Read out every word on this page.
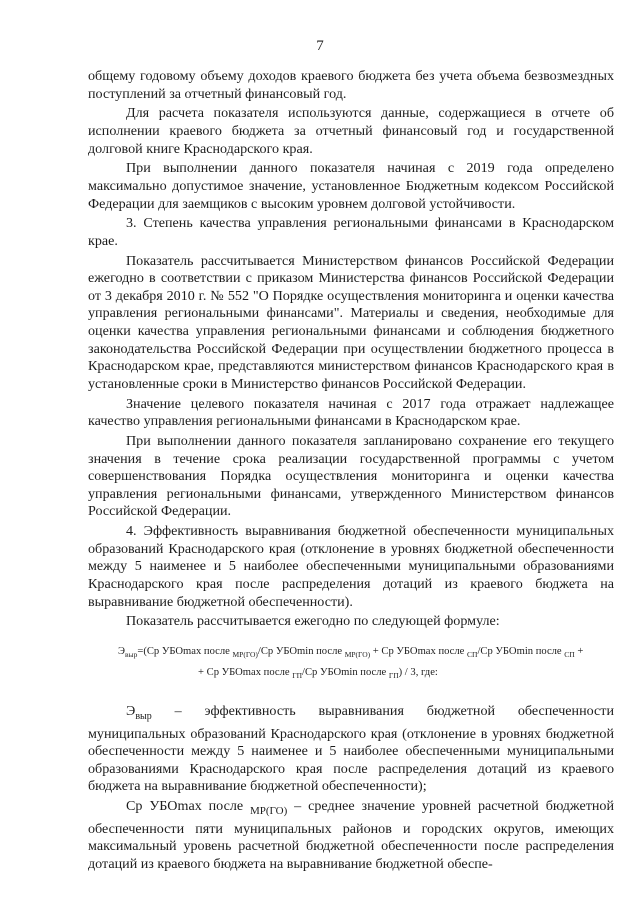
7

общему годовому объему доходов краевого бюджета без учета объема безвозмездных поступлений за отчетный финансовый год.

Для расчета показателя используются данные, содержащиеся в отчете об исполнении краевого бюджета за отчетный финансовый год и государственной долговой книге Краснодарского края.

При выполнении данного показателя начиная с 2019 года определено максимально допустимое значение, установленное Бюджетным кодексом Российской Федерации для заемщиков с высоким уровнем долговой устойчивости.

3. Степень качества управления региональными финансами в Краснодарском крае.

Показатель рассчитывается Министерством финансов Российской Федерации ежегодно в соответствии с приказом Министерства финансов Российской Федерации от 3 декабря 2010 г. № 552 "О Порядке осуществления мониторинга и оценки качества управления региональными финансами". Материалы и сведения, необходимые для оценки качества управления региональными финансами и соблюдения бюджетного законодательства Российской Федерации при осуществлении бюджетного процесса в Краснодарском крае, представляются министерством финансов Краснодарского края в установленные сроки в Министерство финансов Российской Федерации.

Значение целевого показателя начиная с 2017 года отражает надлежащее качество управления региональными финансами в Краснодарском крае.

При выполнении данного показателя запланировано сохранение его текущего значения в течение срока реализации государственной программы с учетом совершенствования Порядка осуществления мониторинга и оценки качества управления региональными финансами, утвержденного Министерством финансов Российской Федерации.

4. Эффективность выравнивания бюджетной обеспеченности муниципальных образований Краснодарского края (отклонение в уровнях бюджетной обеспеченности между 5 наименее и 5 наиболее обеспеченными муниципальными образованиями Краснодарского края после распределения дотаций из краевого бюджета на выравнивание бюджетной обеспеченности).

Показатель рассчитывается ежегодно по следующей формуле:

$Э_{выр}=(Ср$ УБОmax после $_{МР(ГО)}$/Ср УБОmin после $_{МР(ГО)}$ + Ср УБОmax после $_{СП}$/Ср УБОmin после $_{СП}$ +
+ Ср УБОmax после $_{ГП}$/Ср УБОmin после $_{ГП}$) / 3, где:

$Э_{выр}$ – эффективность выравнивания бюджетной обеспеченности муниципальных образований Краснодарского края (отклонение в уровнях бюджетной обеспеченности между 5 наименее и 5 наиболее обеспеченными муниципальными образованиями Краснодарского края после распределения дотаций из краевого бюджета на выравнивание бюджетной обеспеченности);

Ср УБОmax после $_{МР(ГО)}$ – среднее значение уровней расчетной бюджетной обеспеченности пяти муниципальных районов и городских округов, имеющих максимальный уровень расчетной бюджетной обеспеченности после распределения дотаций из краевого бюджета на выравнивание бюджетной обеспе-
